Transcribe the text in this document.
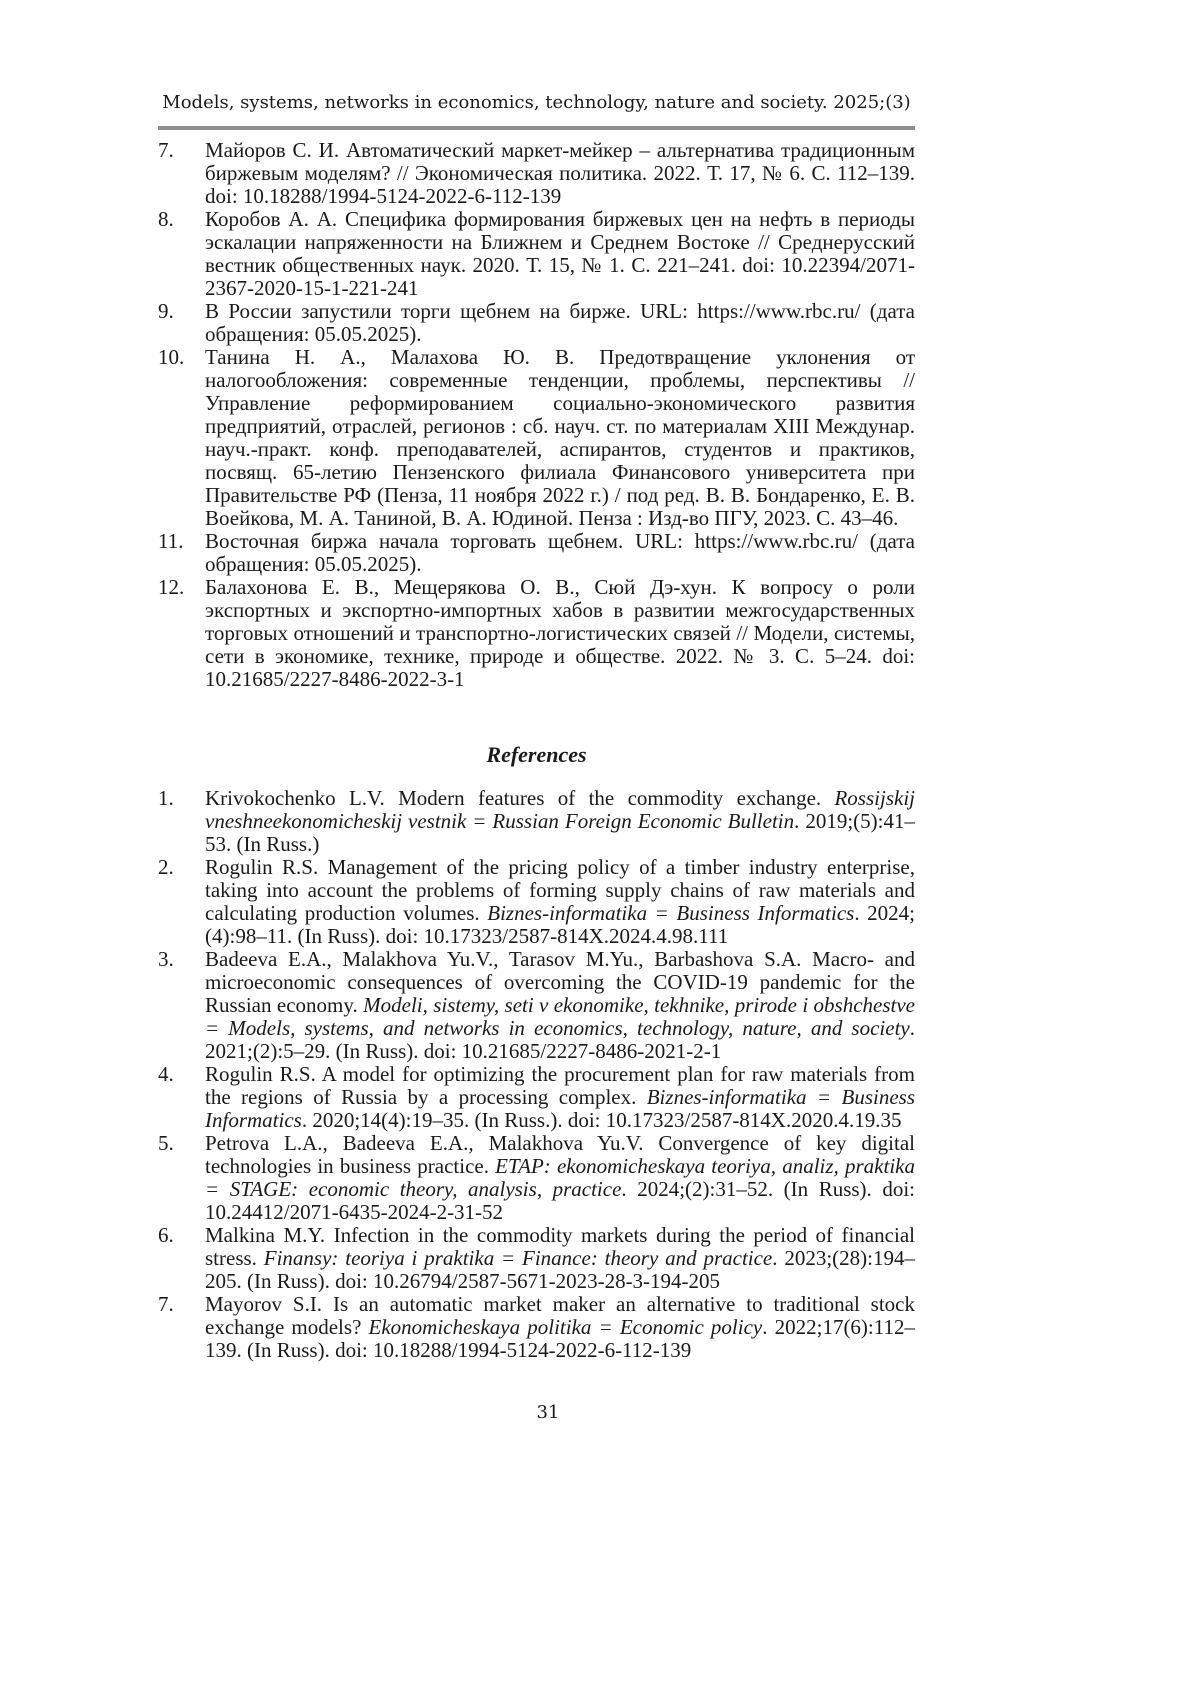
Models, systems, networks in economics, technology, nature and society. 2025;(3)
7. Майоров С. И. Автоматический маркет-мейкер – альтернатива традиционным биржевым моделям? // Экономическая политика. 2022. Т. 17, № 6. С. 112–139. doi: 10.18288/1994-5124-2022-6-112-139
8. Коробов А. А. Специфика формирования биржевых цен на нефть в периоды эскалации напряженности на Ближнем и Среднем Востоке // Среднерусский вестник общественных наук. 2020. Т. 15, № 1. С. 221–241. doi: 10.22394/2071-2367-2020-15-1-221-241
9. В России запустили торги щебнем на бирже. URL: https://www.rbc.ru/ (дата обращения: 05.05.2025).
10. Танина Н. А., Малахова Ю. В. Предотвращение уклонения от налогообложения: современные тенденции, проблемы, перспективы // Управление реформированием социально-экономического развития предприятий, отраслей, регионов : сб. науч. ст. по материалам XIII Междунар. науч.-практ. конф. преподавателей, аспирантов, студентов и практиков, посвящ. 65-летию Пензенского филиала Финансового университета при Правительстве РФ (Пенза, 11 ноября 2022 г.) / под ред. В. В. Бондаренко, Е. В. Воейкова, М. А. Таниной, В. А. Юдиной. Пенза : Изд-во ПГУ, 2023. С. 43–46.
11. Восточная биржа начала торговать щебнем. URL: https://www.rbc.ru/ (дата обращения: 05.05.2025).
12. Балахонова Е. В., Мещерякова О. В., Сюй Дэ-хун. К вопросу о роли экспортных и экспортно-импортных хабов в развитии межгосударственных торговых отношений и транспортно-логистических связей // Модели, системы, сети в экономике, технике, природе и обществе. 2022. № 3. С. 5–24. doi: 10.21685/2227-8486-2022-3-1
References
1. Krivokochenko L.V. Modern features of the commodity exchange. Rossijskij vneshneekonomicheskij vestnik = Russian Foreign Economic Bulletin. 2019;(5):41–53. (In Russ.)
2. Rogulin R.S. Management of the pricing policy of a timber industry enterprise, taking into account the problems of forming supply chains of raw materials and calculating production volumes. Biznes-informatika = Business Informatics. 2024;(4):98–11. (In Russ). doi: 10.17323/2587-814X.2024.4.98.111
3. Badeeva E.A., Malakhova Yu.V., Tarasov M.Yu., Barbashova S.A. Macro- and microeconomic consequences of overcoming the COVID-19 pandemic for the Russian economy. Modeli, sistemy, seti v ekonomike, tekhnike, prirode i obshchestve = Models, systems, and networks in economics, technology, nature, and society. 2021;(2):5–29. (In Russ). doi: 10.21685/2227-8486-2021-2-1
4. Rogulin R.S. A model for optimizing the procurement plan for raw materials from the regions of Russia by a processing complex. Biznes-informatika = Business Informatics. 2020;14(4):19–35. (In Russ.). doi: 10.17323/2587-814X.2020.4.19.35
5. Petrova L.A., Badeeva E.A., Malakhova Yu.V. Convergence of key digital technologies in business practice. ETAP: ekonomicheskaya teoriya, analiz, praktika = STAGE: economic theory, analysis, practice. 2024;(2):31–52. (In Russ). doi: 10.24412/2071-6435-2024-2-31-52
6. Malkina M.Y. Infection in the commodity markets during the period of financial stress. Finansy: teoriya i praktika = Finance: theory and practice. 2023;(28):194–205. (In Russ). doi: 10.26794/2587-5671-2023-28-3-194-205
7. Mayorov S.I. Is an automatic market maker an alternative to traditional stock exchange models? Ekonomicheskaya politika = Economic policy. 2022;17(6):112–139. (In Russ). doi: 10.18288/1994-5124-2022-6-112-139
31
